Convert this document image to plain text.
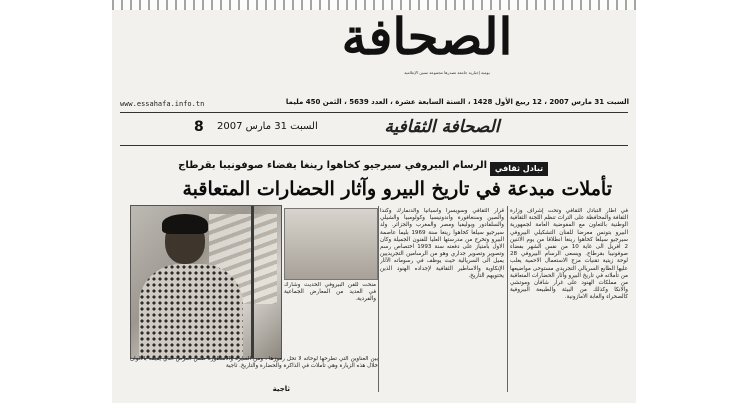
الصحافة
يومية إخبارية جامعة تصدرها مجموعة سنين الإعلامية
www.essahafa.info.tn	السبت 31 مارس 2007 ، 12 ربيع الأول 1428 ، السنة السابعة عشرة ، العدد 5639 ، الثمن 450 مليما
8 السبت 31 مارس 2007	الصحافة الثقافية
تبادل ثقافي
الرسام البيروفي سيرجيو كخاهوا رينغا بفضاء صوفونيبا بقرطاج
تأملات مبدعة في تاريخ البيرو وآثار الحضارات المتعاقبة
في اطار التبادل الثقافي وتحت إشراف وزارة الثقافة والمحافظة على التراث تنظم اللجنة الثقافية الوطنية بالتعاون مع المفوضية العامة لجمهورية البيرو بتونس معرضا للفنان التشكيلي البيروفي سيرجيو سيلغا كخاهوا رينغا انطلاقا من يوم الاثنين 2 افريل الى غاية 10 من نفس الشهر بفضاء صوفونيبا بقرطاج. ويسعى الرسام البيروفي 28 لوحة زيتية تقنيات مزج الاستعمال الاحمية يغلب عليها الطابع السريالي التجريدي مستوحى مواضيعها من تأملاته في تاريخ البيرو وآثار الحضارات المتعاقبة من مملكات الهنود على غرار شافان وموتشي والانكا وكذلك من البيئة والطبيعة البيروفية كالصحراء والغابة الامازونية.
قرار الثقافي وسويسرا واسبانيا والدنمارك وكندا والصين وسنغافورة واندونيسيا وكولومبيا والشيلي والسلفادور وبوليفيا ومصر والمغرب والجزائر. ولد سيرجيو سيلغا كخاهوا رينغا سنة 1969 بليما عاصمة البيرو وتخرج من مدرستها العليا للفنون الجميلة وكان الاول بامتياز على دفعته سنة 1993 اختصاص رسم وتصوير وتصوير جداري وهو من الرسامين التجريديين يميل الى السريالية حيث يوظف في رسوماته الآثار الإنكاوية والاساطير الثقافية لإجداده الهنود الذين يحتويهم التاريخ.
منحت للفن البيروفي الحديث وشارك في العديد من المعارض الجماعية والفردية.
بين العناوين التي تطرحها لوحاته لا تحل رموزها ، ومن السيرة والاسطورة ضمن العرض الذي يقيمه بالالوان خلال هذه الزيارة وهي تأملات في الذاكرة والحضارة والتاريخ. ثاجية
ثاجية
